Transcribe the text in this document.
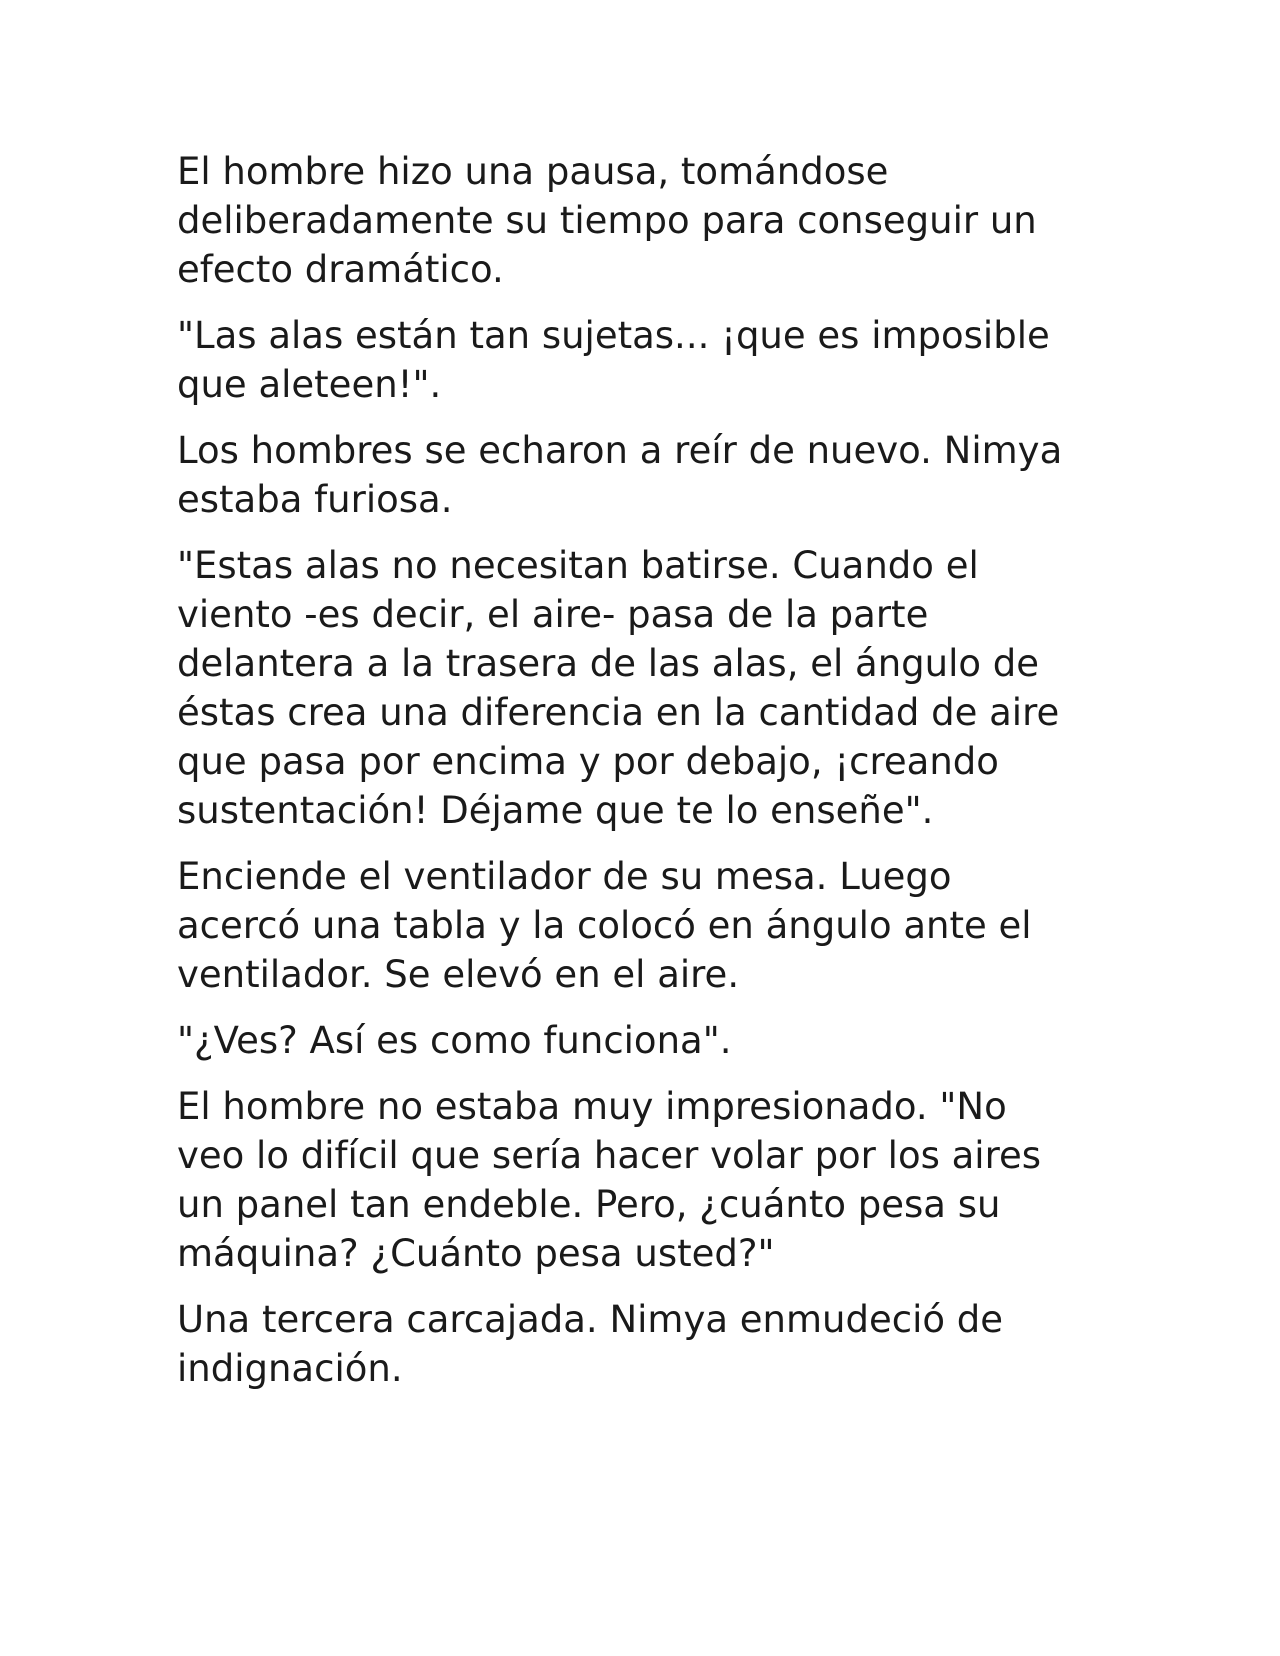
El hombre hizo una pausa, tomándose
deliberadamente su tiempo para conseguir un
efecto dramático.

"Las alas están tan sujetas... ¡que es imposible
que aleteen!".

Los hombres se echaron a reír de nuevo. Nimya
estaba furiosa.

"Estas alas no necesitan batirse. Cuando el
viento -es decir, el aire- pasa de la parte
delantera a la trasera de las alas, el ángulo de
éstas crea una diferencia en la cantidad de aire
que pasa por encima y por debajo, ¡creando
sustentación! Déjame que te lo enseñe".

Enciende el ventilador de su mesa. Luego
acercó una tabla y la colocó en ángulo ante el
ventilador. Se elevó en el aire.

"¿Ves? Así es como funciona".

El hombre no estaba muy impresionado. "No
veo lo difícil que sería hacer volar por los aires
un panel tan endeble. Pero, ¿cuánto pesa su
máquina? ¿Cuánto pesa usted?"

Una tercera carcajada. Nimya enmudeció de
indignación.
